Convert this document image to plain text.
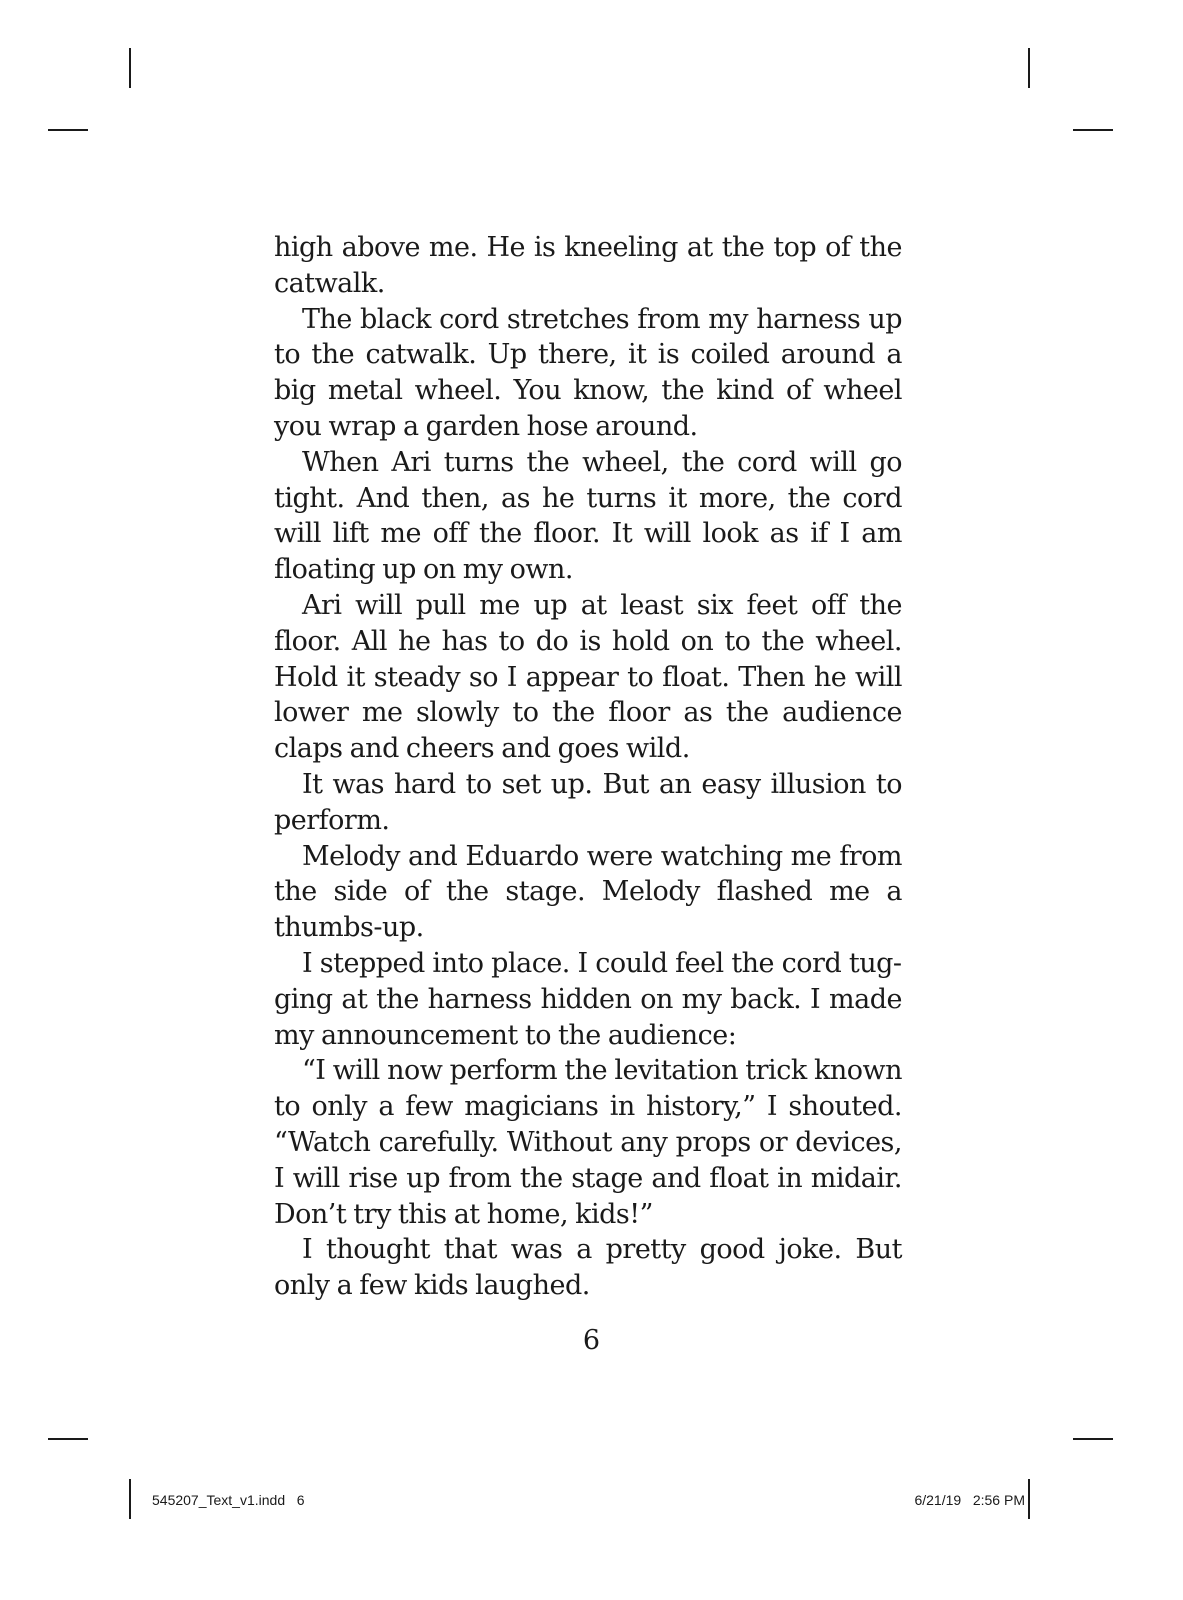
high above me. He is kneeling at the top of the catwalk.

The black cord stretches from my harness up to the catwalk. Up there, it is coiled around a big metal wheel. You know, the kind of wheel you wrap a garden hose around.

When Ari turns the wheel, the cord will go tight. And then, as he turns it more, the cord will lift me off the floor. It will look as if I am floating up on my own.

Ari will pull me up at least six feet off the floor. All he has to do is hold on to the wheel. Hold it steady so I appear to float. Then he will lower me slowly to the floor as the audience claps and cheers and goes wild.

It was hard to set up. But an easy illusion to perform.

Melody and Eduardo were watching me from the side of the stage. Melody flashed me a thumbs-up.

I stepped into place. I could feel the cord tugging at the harness hidden on my back. I made my announcement to the audience:

“I will now perform the levitation trick known to only a few magicians in history,” I shouted. “Watch carefully. Without any props or devices, I will rise up from the stage and float in midair. Don’t try this at home, kids!”

I thought that was a pretty good joke. But only a few kids laughed.

6
545207_Text_v1.indd   6	6/21/19   2:56 PM
